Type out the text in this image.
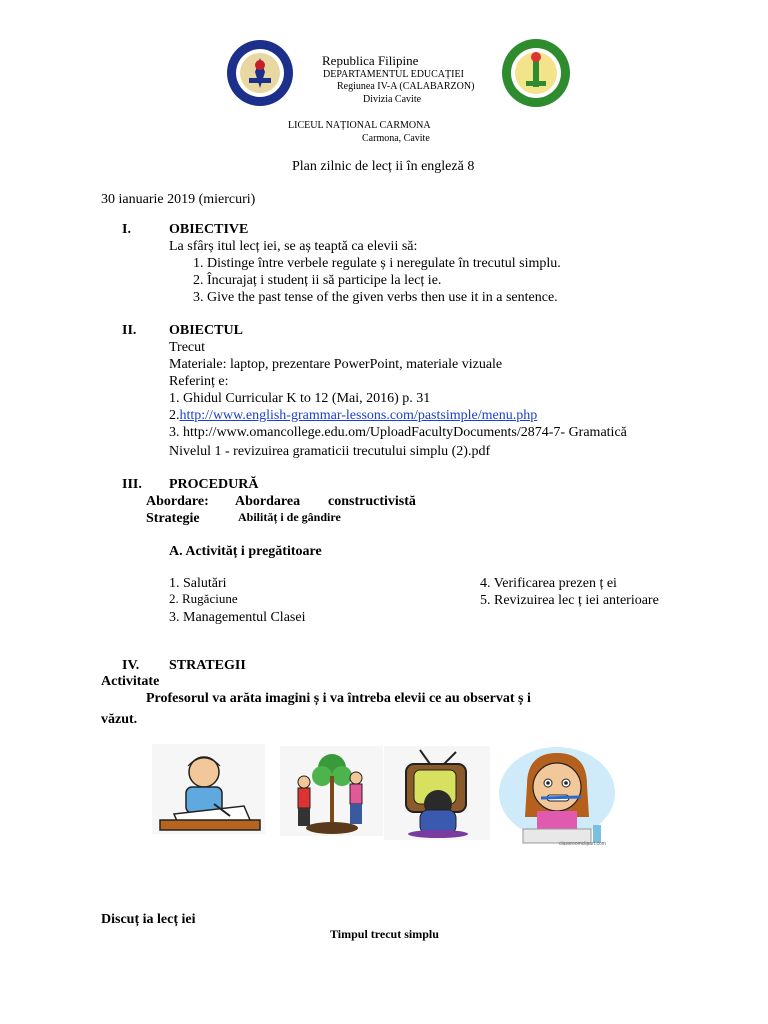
Republica Filipine
DEPARTAMENTUL EDUCAȚIEI
Regiunea IV-A (CALABARZON)
Divizia Cavite
LICEUL NAȚIONAL CARMONA
Carmona, Cavite
Plan zilnic de lecț ii în engleză 8
30 ianuarie 2019 (miercuri)
I.	OBIECTIVE
La sfârș itul lecț iei, se aș teaptă ca elevii să:
1. Distinge între verbele regulate ș i neregulate în trecutul simplu.
2. Încurajaț i studenț ii să participe la lecț ie.
3. Give the past tense of the given verbs then use it in a sentence.
II. OBIECTUL
Trecut
Materiale: laptop, prezentare PowerPoint, materiale vizuale
Referinț e:
1. Ghidul Curricular K to 12 (Mai, 2016) p. 31
2.http://www.english-grammar-lessons.com/pastsimple/menu.php
3. http://www.omancollege.edu.om/UploadFacultyDocuments/2874-7- Gramatică
Nivelul 1 - revizuirea gramaticii trecutului simplu (2).pdf
III. PROCEDURĂ
Abordare: Abordarea constructivistă
Strategie	Abilităț i de gândire
A. Activităț i pregătitoare
1. Salutări
2. Rugăciune
3. Managementul Clasei
4. Verificarea prezen ț ei
5. Revizuirea lec ț iei anterioare
IV. STRATEGII
Activitate
Profesorul va arăta imagini ș i va întreba elevii ce au observat ș i
văzut.
classroomclipart.com
Discuț ia lecț iei
Timpul trecut simplu
